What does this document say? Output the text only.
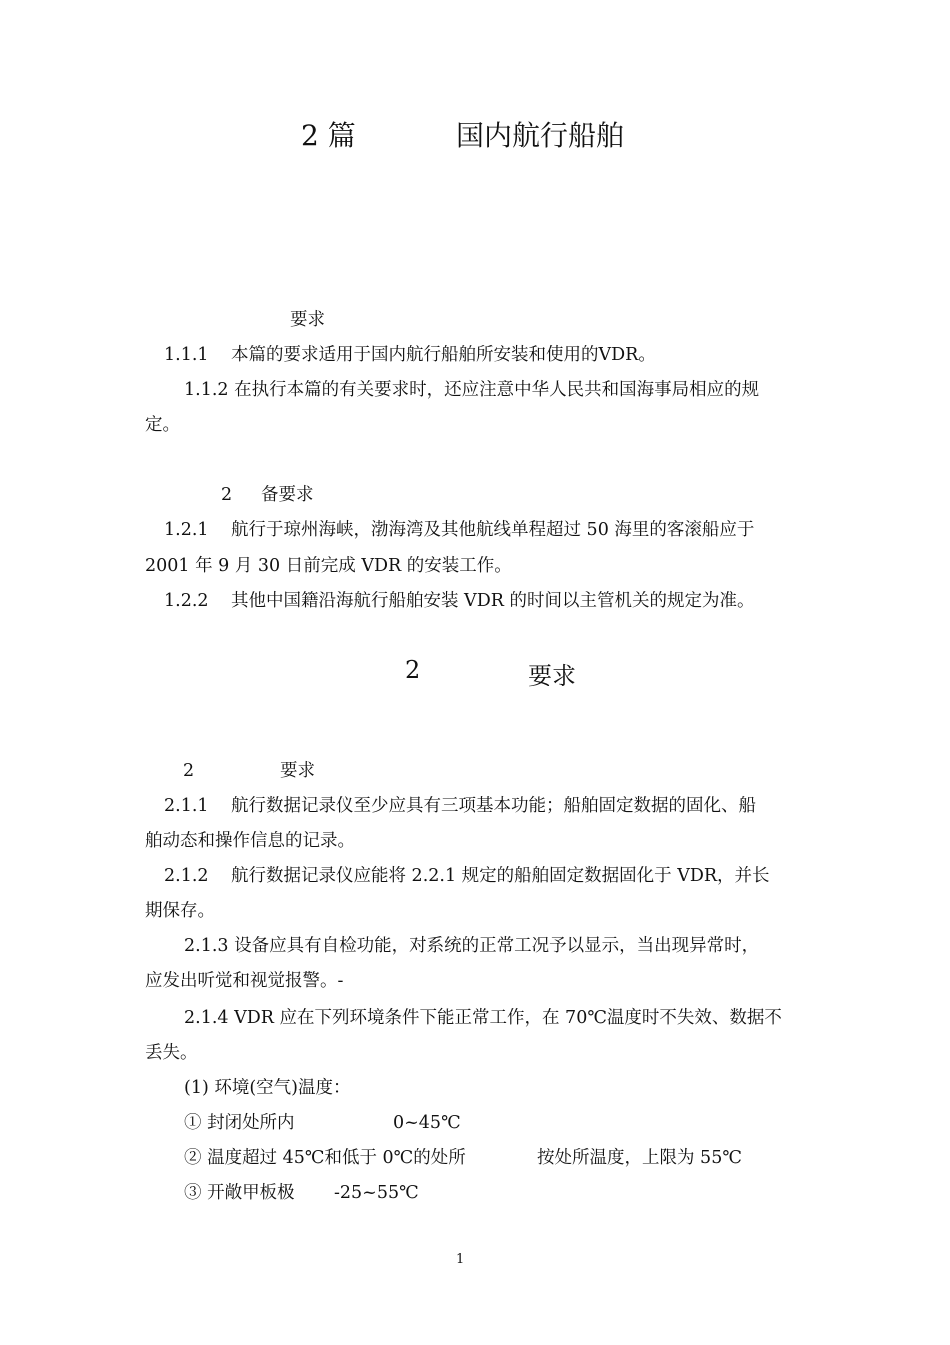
2 篇	国内航行船舶
要求
1.1.1 本篇的要求适用于国内航行船舶所安装和使用的VDR。
1.1.2 在执行本篇的有关要求时，还应注意中华人民共和国海事局相应的规
定。
2 备要求
1.2.1 航行于琼州海峡，渤海湾及其他航线单程超过 50 海里的客滚船应于
2001 年 9 月 30 日前完成 VDR 的安装工作。
1.2.2 其他中国籍沿海航行船舶安装 VDR 的时间以主管机关的规定为准。
2	要求
2	要求
2.1.1 航行数据记录仪至少应具有三项基本功能；船舶固定数据的固化、船
舶动态和操作信息的记录。
2.1.2 航行数据记录仪应能将 2.2.1 规定的船舶固定数据固化于 VDR，并长
期保存。
2.1.3 设备应具有自检功能，对系统的正常工况予以显示，当出现异常时，
应发出听觉和视觉报警。-
2.1.4 VDR 应在下列环境条件下能正常工作，在 70℃温度时不失效、数据不
丢失。
(1) 环境(空气)温度：
① 封闭处所内	0~45℃
② 温度超过 45℃和低于 0℃的处所	按处所温度，上限为 55℃
③ 开敞甲板极 -25~55℃
1
